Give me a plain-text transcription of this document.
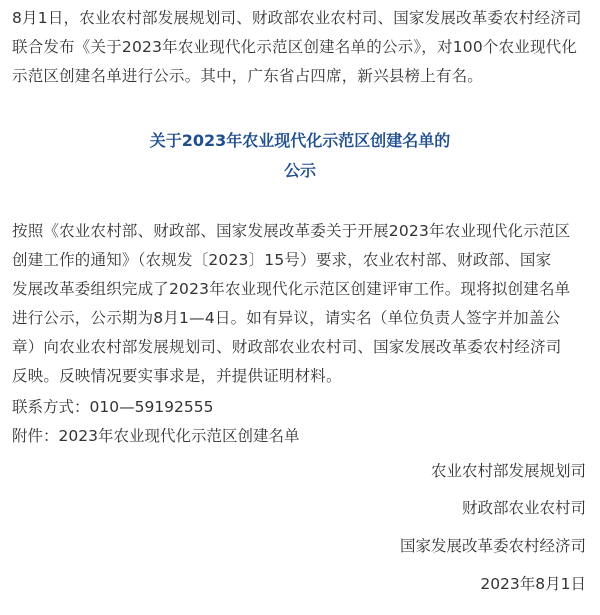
8月1日，农业农村部发展规划司、财政部农业农村司、国家发展改革委农村经济司

联合发布《关于2023年农业现代化示范区创建名单的公示》，对100个农业现代化

示范区创建名单进行公示。其中，广东省占四席，新兴县榜上有名。

关于2023年农业现代化示范区创建名单的

公示

按照《农业农村部、财政部、国家发展改革委关于开展2023年农业现代化示范区

创建工作的通知》（农规发〔2023〕15号）要求，农业农村部、财政部、国家

发展改革委组织完成了2023年农业现代化示范区创建评审工作。现将拟创建名单

进行公示，公示期为8月1—4日。如有异议，请实名（单位负责人签字并加盖公

章）向农业农村部发展规划司、财政部农业农村司、国家发展改革委农村经济司

反映。反映情况要实事求是，并提供证明材料。

联系方式：010—59192555

附件：2023年农业现代化示范区创建名单

农业农村部发展规划司

财政部农业农村司

国家发展改革委农村经济司

2023年8月1日
